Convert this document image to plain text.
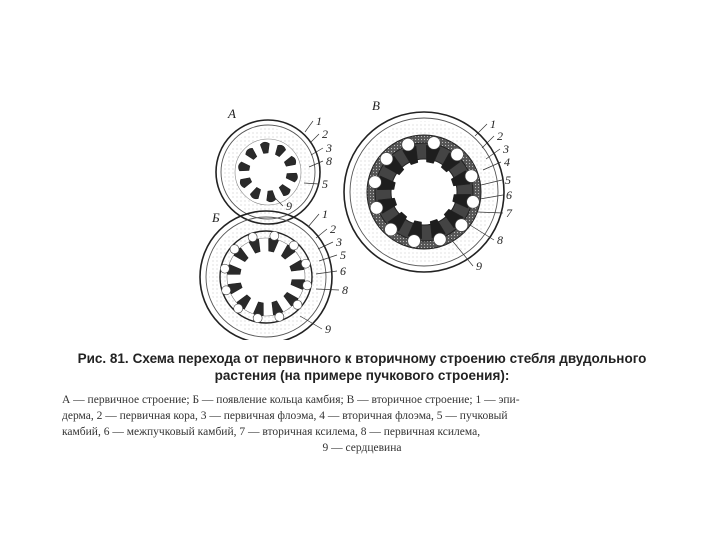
А	1
2
3
8
5
9
Б	1
2
3
5
6
8
9
В
1
2
3
4
5
6
7
8
9

Рис. 81. Схема перехода от первичного к вторичному строению стебля двудольного
растения (на примере пучкового строения):

А — первичное строение; Б — появление кольца камбия; В — вторичное строение; 1 — эпи-
дерма, 2 — первичная кора, 3 — первичная флоэма, 4 — вторичная флоэма, 5 — пучковый
камбий, 6 — межпучковый камбий, 7 — вторичная ксилема, 8 — первичная ксилема,
9 — сердцевина
